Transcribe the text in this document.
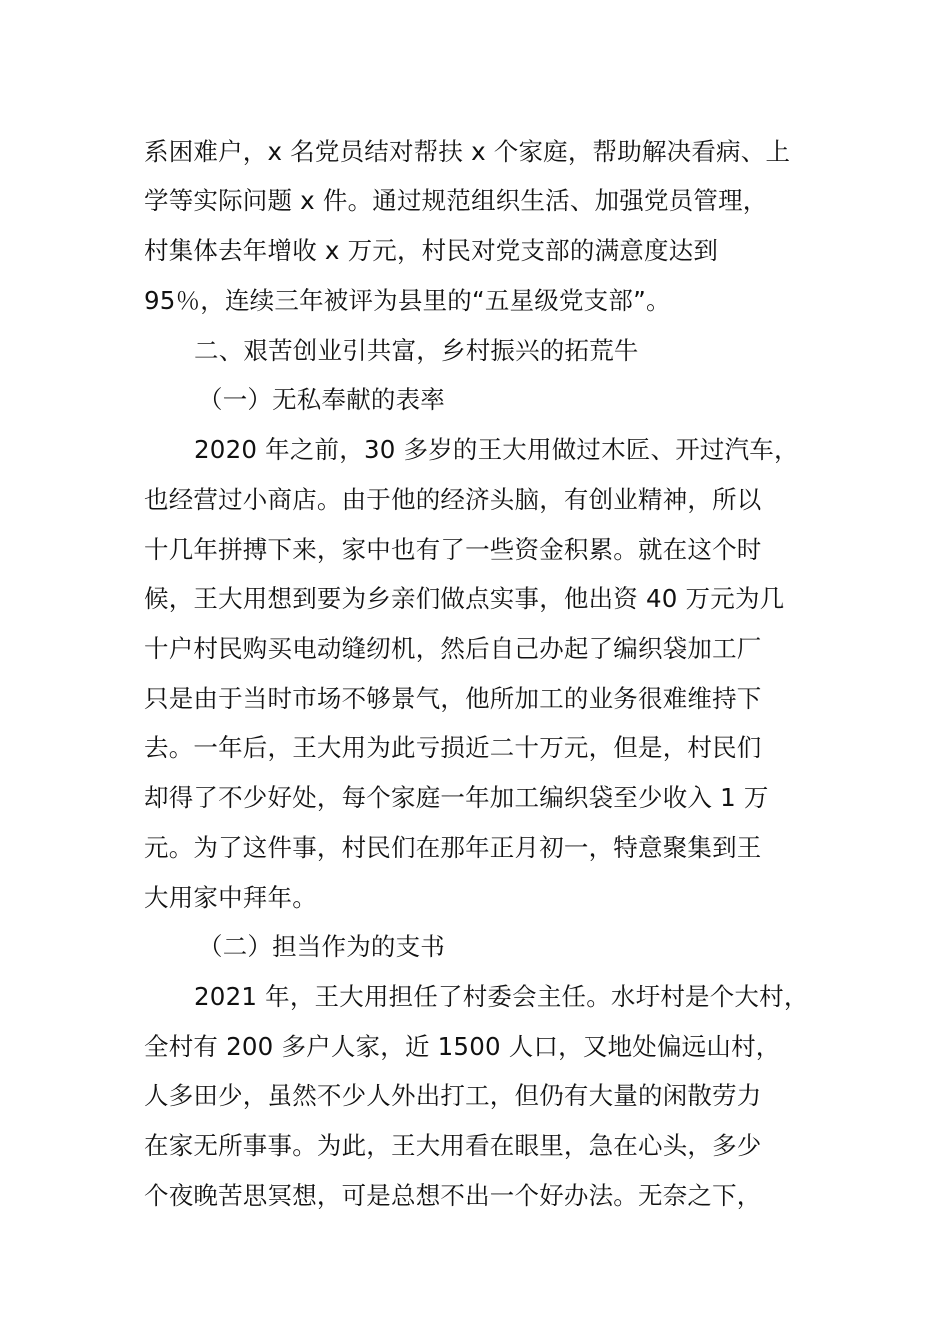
系困难户，x 名党员结对帮扶 x 个家庭，帮助解决看病、上
学等实际问题 x 件。通过规范组织生活、加强党员管理，
村集体去年增收 x 万元，村民对党支部的满意度达到
95％，连续三年被评为县里的“五星级党支部”。
二、艰苦创业引共富，乡村振兴的拓荒牛
（一）无私奉献的表率
2020 年之前，30 多岁的王大用做过木匠、开过汽车，
也经营过小商店。由于他的经济头脑，有创业精神，所以
十几年拼搏下来，家中也有了一些资金积累。就在这个时
候，王大用想到要为乡亲们做点实事，他出资 40 万元为几
十户村民购买电动缝纫机，然后自己办起了编织袋加工厂
只是由于当时市场不够景气，他所加工的业务很难维持下
去。一年后，王大用为此亏损近二十万元，但是，村民们
却得了不少好处，每个家庭一年加工编织袋至少收入 1 万
元。为了这件事，村民们在那年正月初一，特意聚集到王
大用家中拜年。
（二）担当作为的支书
2021 年，王大用担任了村委会主任。水圩村是个大村，
全村有 200 多户人家，近 1500 人口，又地处偏远山村，
人多田少，虽然不少人外出打工，但仍有大量的闲散劳力
在家无所事事。为此，王大用看在眼里，急在心头，多少
个夜晚苦思冥想，可是总想不出一个好办法。无奈之下，
